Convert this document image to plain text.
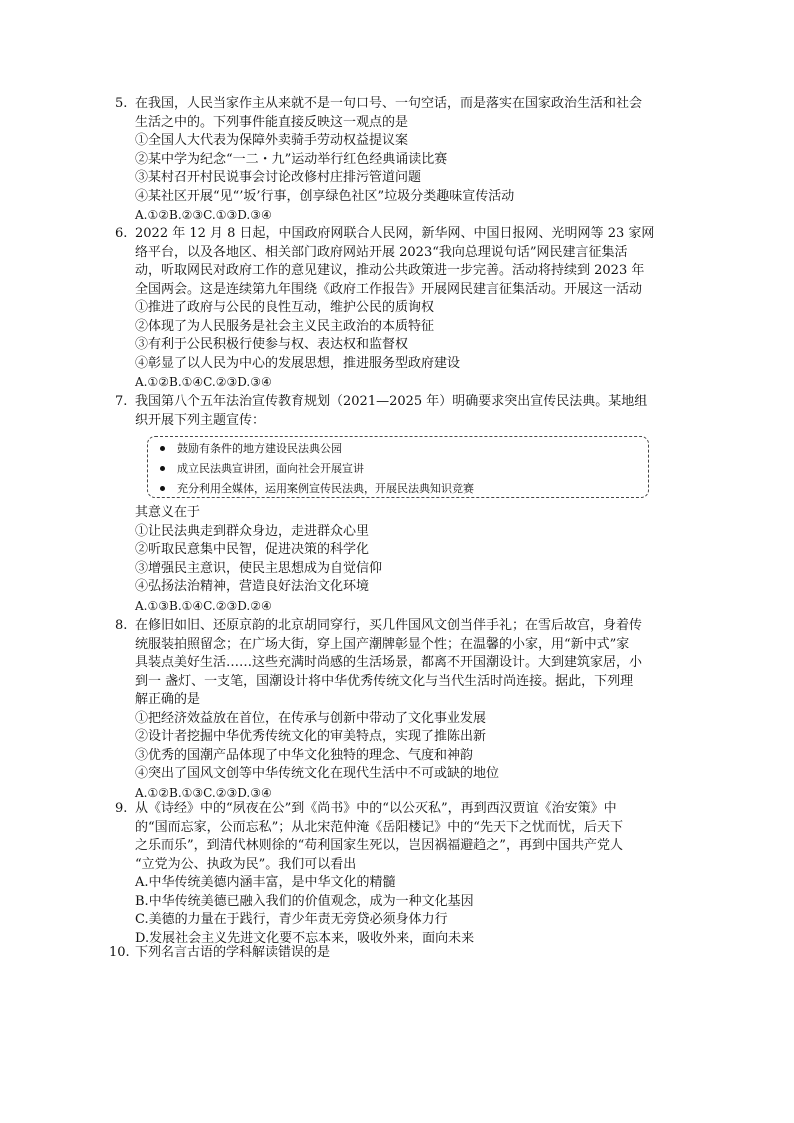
5. 在我国，人民当家作主从来就不是一句口号、一句空话，而是落实在国家政治生活和社会
生活之中的。下列事件能直接反映这一观点的是
①全国人大代表为保障外卖骑手劳动权益提议案
②某中学为纪念“一二・九”运动举行红色经典诵读比赛
③某村召开村民说事会讨论改修村庄排污管道问题
④某社区开展“见“’坂’行事，创享绿色社区”垃圾分类趣味宣传活动
A.①②B.②③C.①③D.③④
6. 2022 年 12 月 8 日起，中国政府网联合人民网，新华网、中国日报网、光明网等 23 家网
络平台，以及各地区、相关部门政府网站开展 2023“我向总理说句话”网民建言征集活
动，听取网民对政府工作的意见建议，推动公共政策进一步完善。活动将持续到 2023 年
全国两会。这是连续第九年围绕《政府工作报告》开展网民建言征集活动。开展这一活动
①推进了政府与公民的良性互动，维护公民的质询权
②体现了为人民服务是社会主义民主政治的本质特征
③有利于公民积极行使参与权、表达权和监督权
④彰显了以人民为中心的发展思想，推进服务型政府建设
A.①②B.①④C.②③D.③④
7. 我国第八个五年法治宣传教育规划（2021—2025 年）明确要求突出宣传民法典。某地组
织开展下列主题宣传：
鼓励有条件的地方建设民法典公园
成立民法典宣讲团，面向社会开展宣讲
充分利用全媒体，运用案例宣传民法典，开展民法典知识竞赛
其意义在于
①让民法典走到群众身边，走进群众心里
②听取民意集中民智，促进决策的科学化
③增强民主意识，使民主思想成为自觉信仰
④弘扬法治精神，营造良好法治文化环境
A.①③B.①④C.②③D.②④
8. 在修旧如旧、还原京韵的北京胡同穿行，买几件国风文创当伴手礼；在雪后故宫，身着传
统服装拍照留念；在广场大街，穿上国产潮牌彰显个性；在温馨的小家，用“新中式”家
具装点美好生活……这些充满时尚感的生活场景，都离不开国潮设计。大到建筑家居，小
到一 盏灯、一支笔，国潮设计将中华优秀传统文化与当代生活时尚连接。据此，下列理
解正确的是
①把经济效益放在首位，在传承与创新中带动了文化事业发展
②设计者挖掘中华优秀传统文化的审美特点，实现了推陈出新
③优秀的国潮产品体现了中华文化独特的理念、气度和神韵
④突出了国风文创等中华传统文化在现代生活中不可或缺的地位
A.①②B.①③C.②③D.③④
9. 从《诗经》中的“夙夜在公”到《尚书》中的“以公灭私”，再到西汉贾谊《治安策》中
的“国而忘家，公而忘私”；从北宋范仲淹《岳阳楼记》中的“先天下之忧而忧，后天下
之乐而乐”，到清代林则徐的“苟利国家生死以，岂因祸福避趋之”，再到中国共产党人
“立党为公、执政为民”。我们可以看出
A.中华传统美德内涵丰富，是中华文化的精髓
B.中华传统美德已融入我们的价值观念，成为一种文化基因
C.美德的力量在于践行，青少年责无旁贷必须身体力行
D.发展社会主义先进文化要不忘本来，吸收外来，面向未来
10. 下列名言古语的学科解读错误的是
